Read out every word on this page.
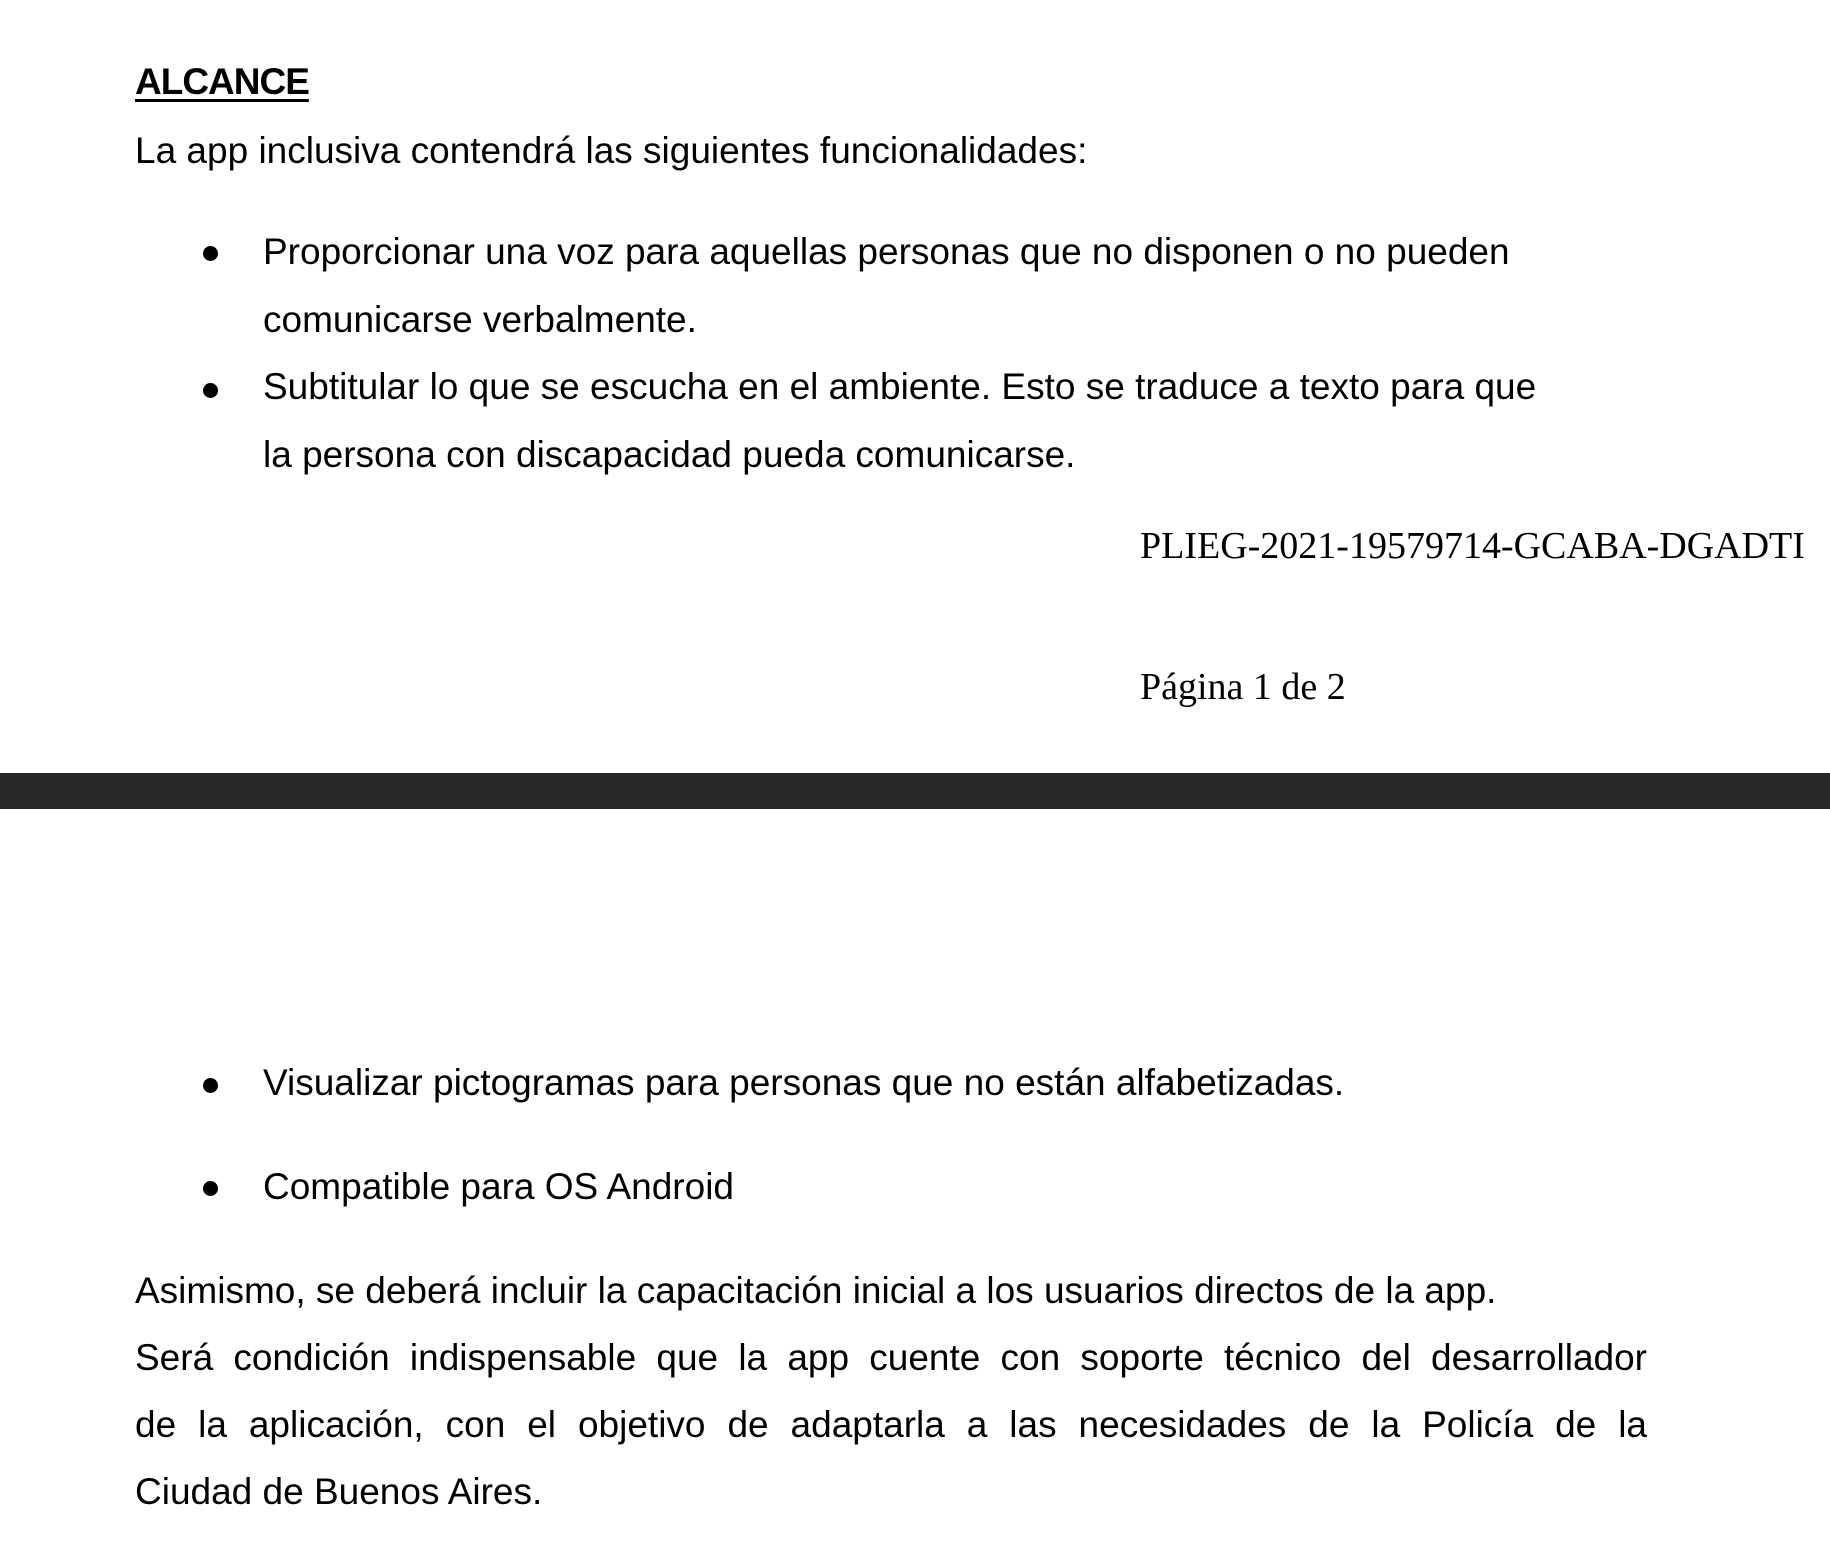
ALCANCE
La app inclusiva contendrá las siguientes funcionalidades:
Proporcionar una voz para aquellas personas que no disponen o no pueden
comunicarse verbalmente.
Subtitular lo que se escucha en el ambiente. Esto se traduce a texto para que
la persona con discapacidad pueda comunicarse.
PLIEG-2021-19579714-GCABA-DGADTI
Página 1 de 2
Visualizar pictogramas para personas que no están alfabetizadas.
Compatible para OS Android
Asimismo, se deberá incluir la capacitación inicial a los usuarios directos de la app.
Será condición indispensable que la app cuente con soporte técnico del desarrollador
de la aplicación, con el objetivo de adaptarla a las necesidades de la Policía de la
Ciudad de Buenos Aires.
